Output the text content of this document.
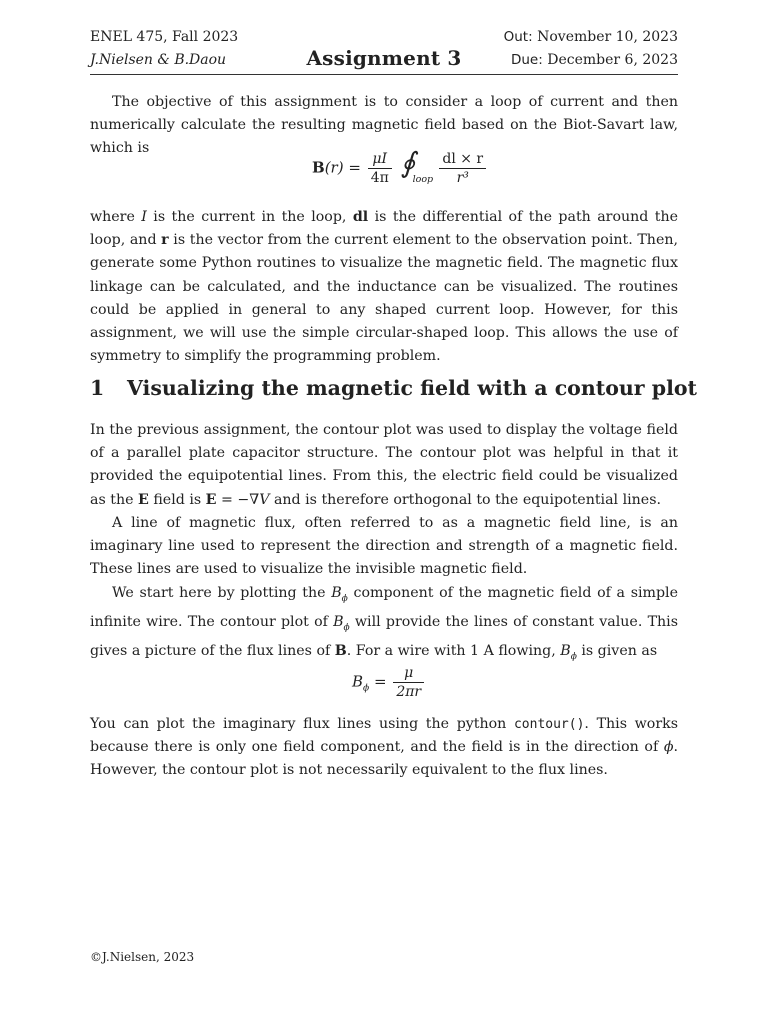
ENEL 475, Fall 2023
J.Nielsen & B.Daou	Assignment 3
Out: November 10, 2023
Due: December 6, 2023

The objective of this assignment is to consider a loop of current and then numerically calculate the resulting magnetic field based on the Biot-Savart law, which is

$B(r) = \frac{\mu I}{4\pi}$
∮
loop
$\frac{dl \times r}{\text{r³}}$

where I is the current in the loop, dl is the differential of the path around the loop, and r is the vector from the current element to the observation point. Then, generate some Python routines to visualize the magnetic field. The magnetic flux linkage can be calculated, and the inductance can be visualized. The routines could be applied in general to any shaped current loop. However, for this assignment, we will use the simple circular-shaped loop. This allows the use of symmetry to simplify the programming problem.

1 Visualizing the magnetic field with a contour plot

In the previous assignment, the contour plot was used to display the voltage field of a parallel plate capacitor structure. The contour plot was helpful in that it provided the equipotential lines. From this, the electric field could be visualized as the E field is E = −∇V and is therefore orthogonal to the equipotential lines.

A line of magnetic flux, often referred to as a magnetic field line, is an imaginary line used to represent the direction and strength of a magnetic field. These lines are used to visualize the invisible magnetic field.

We start here by plotting the $B_\phi$ component of the magnetic field of a simple infinite wire. The contour plot of $B_\phi$ will provide the lines of constant value. This gives a picture of the flux lines of B. For a wire with 1 A flowing, $B_\phi$ is given as

$B_\phi = \frac{\mu}{2\pi r}$

You can plot the imaginary flux lines using the python contour(). This works because there is only one field component, and the field is in the direction of ϕ. However, the contour plot is not necessarily equivalent to the flux lines.

©J.Nielsen, 2023
